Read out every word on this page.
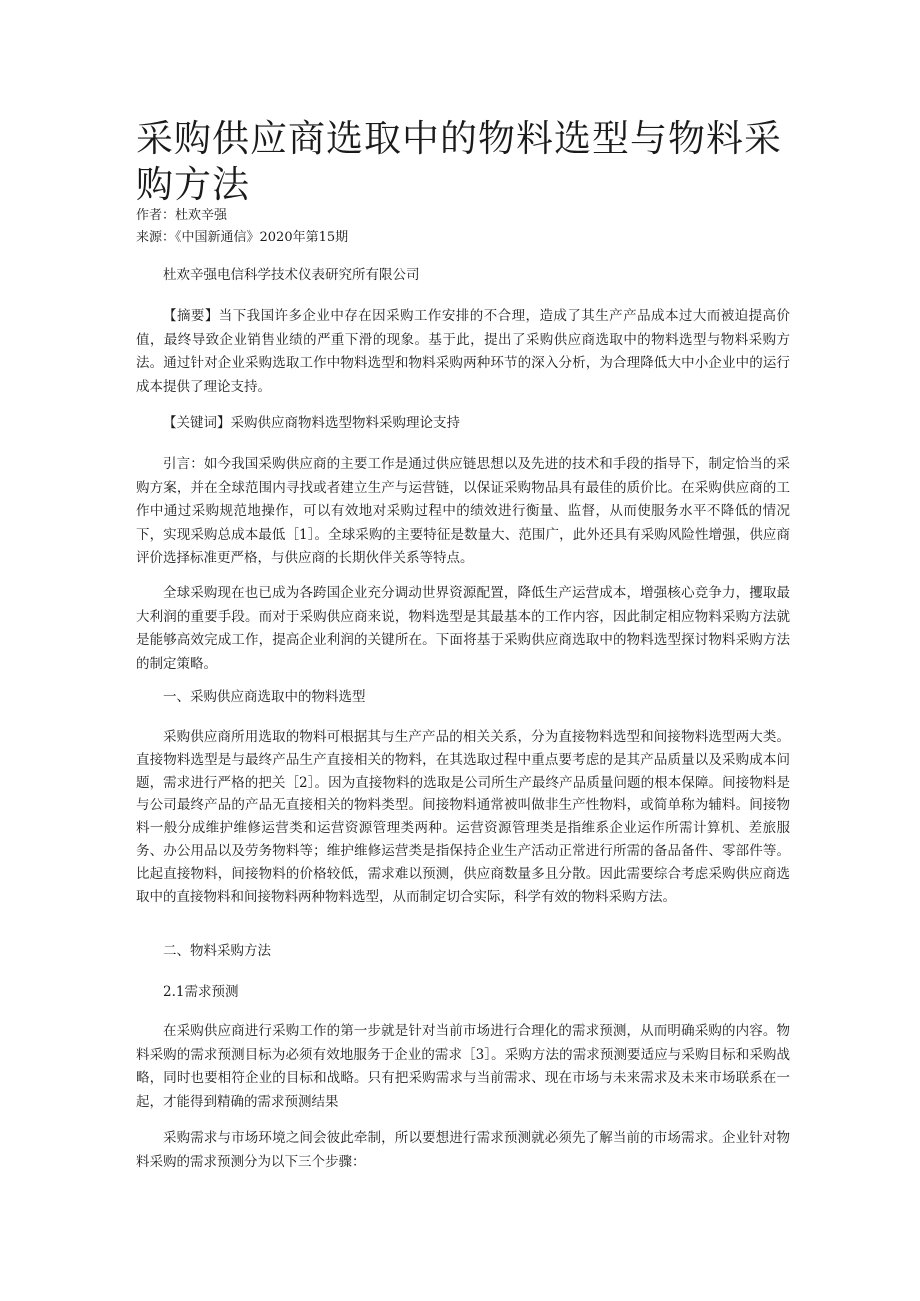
采购供应商选取中的物料选型与物料采购方法
作者：杜欢辛强
来源：《中国新通信》2020年第15期

杜欢辛强电信科学技术仪表研究所有限公司

【摘要】当下我国许多企业中存在因采购工作安排的不合理，造成了其生产产品成本过大而被迫提高价值，最终导致企业销售业绩的严重下滑的现象。基于此，提出了采购供应商选取中的物料选型与物料采购方法。通过针对企业采购选取工作中物料选型和物料采购两种环节的深入分析，为合理降低大中小企业中的运行成本提供了理论支持。

【关键词】采购供应商物料选型物料采购理论支持

引言：如今我国采购供应商的主要工作是通过供应链思想以及先进的技术和手段的指导下，制定恰当的采购方案，并在全球范围内寻找或者建立生产与运营链，以保证采购物品具有最佳的质价比。在采购供应商的工作中通过采购规范地操作，可以有效地对采购过程中的绩效进行衡量、监督，从而使服务水平不降低的情况下，实现采购总成本最低［1］。全球采购的主要特征是数量大、范围广，此外还具有采购风险性增强，供应商评价选择标准更严格，与供应商的长期伙伴关系等特点。

全球采购现在也已成为各跨国企业充分调动世界资源配置，降低生产运营成本，增强核心竞争力，攫取最大利润的重要手段。而对于采购供应商来说，物料选型是其最基本的工作内容，因此制定相应物料采购方法就是能够高效完成工作，提高企业利润的关键所在。下面将基于采购供应商选取中的物料选型探讨物料采购方法的制定策略。

一、采购供应商选取中的物料选型

采购供应商所用选取的物料可根据其与生产产品的相关关系，分为直接物料选型和间接物料选型两大类。直接物料选型是与最终产品生产直接相关的物料，在其选取过程中重点要考虑的是其产品质量以及采购成本问题，需求进行严格的把关［2］。因为直接物料的选取是公司所生产最终产品质量问题的根本保障。间接物料是与公司最终产品的产品无直接相关的物料类型。间接物料通常被叫做非生产性物料，或简单称为辅料。间接物料一般分成维护维修运营类和运营资源管理类两种。运营资源管理类是指维系企业运作所需计算机、差旅服务、办公用品以及劳务物料等；维护维修运营类是指保持企业生产活动正常进行所需的备品备件、零部件等。比起直接物料，间接物料的价格较低，需求难以预测，供应商数量多且分散。因此需要综合考虑采购供应商选取中的直接物料和间接物料两种物料选型，从而制定切合实际，科学有效的物料采购方法。

二、物料采购方法

2.1需求预测

在采购供应商进行采购工作的第一步就是针对当前市场进行合理化的需求预测，从而明确采购的内容。物料采购的需求预测目标为必须有效地服务于企业的需求［3］。采购方法的需求预测要适应与采购目标和采购战略，同时也要相符企业的目标和战略。只有把采购需求与当前需求、现在市场与未来需求及未来市场联系在一起，才能得到精确的需求预测结果

采购需求与市场环境之间会彼此牵制，所以要想进行需求预测就必须先了解当前的市场需求。企业针对物料采购的需求预测分为以下三个步骤：
